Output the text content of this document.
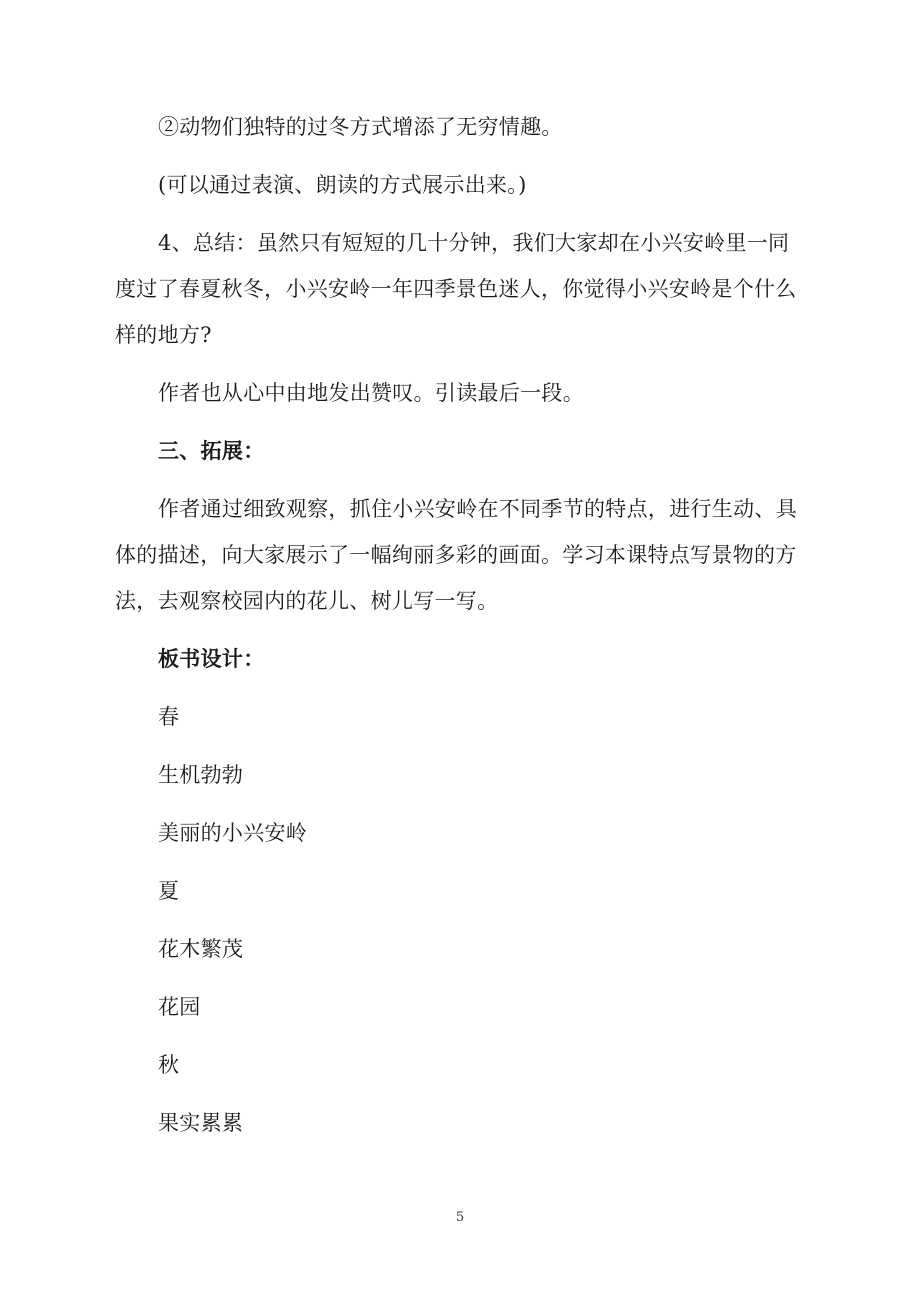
②动物们独特的过冬方式增添了无穷情趣。

(可以通过表演、朗读的方式展示出来。)

4、总结：虽然只有短短的几十分钟，我们大家却在小兴安岭里一同度过了春夏秋冬，小兴安岭一年四季景色迷人，你觉得小兴安岭是个什么样的地方?

作者也从心中由地发出赞叹。引读最后一段。

三、拓展：

作者通过细致观察，抓住小兴安岭在不同季节的特点，进行生动、具体的描述，向大家展示了一幅绚丽多彩的画面。学习本课特点写景物的方法，去观察校园内的花儿、树儿写一写。

板书设计：

春

生机勃勃

美丽的小兴安岭

夏

花木繁茂

花园

秋

果实累累

5
